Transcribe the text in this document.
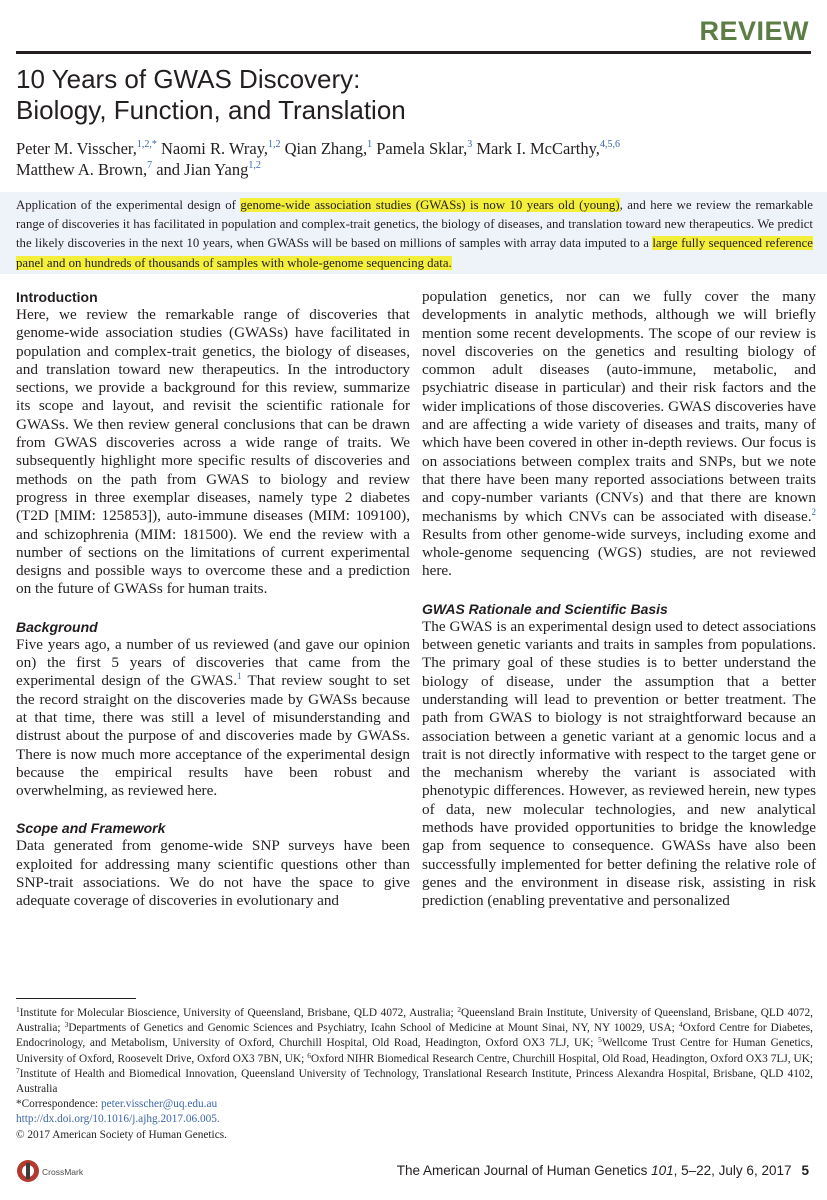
REVIEW
10 Years of GWAS Discovery:
Biology, Function, and Translation
Peter M. Visscher,$^{1,2,*}$ Naomi R. Wray,$^{1,2}$ Qian Zhang,$^1$ Pamela Sklar,$^3$ Mark I. McCarthy,$^{4,5,6}$
Matthew A. Brown,$^7$ and Jian Yang$^{1,2}$
Application of the experimental design of genome-wide association studies (GWASs) is now 10 years old (young), and here we review the remarkable range of discoveries it has facilitated in population and complex-trait genetics, the biology of diseases, and translation toward new therapeutics. We predict the likely discoveries in the next 10 years, when GWASs will be based on millions of samples with array data imputed to a large fully sequenced reference panel and on hundreds of thousands of samples with whole-genome sequencing data.

Introduction

Here, we review the remarkable range of discoveries that genome-wide association studies (GWASs) have facilitated in population and complex-trait genetics, the biology of diseases, and translation toward new therapeutics. In the introductory sections, we provide a background for this review, summarize its scope and layout, and revisit the scientific rationale for GWASs. We then review general conclusions that can be drawn from GWAS discoveries across a wide range of traits. We subsequently highlight more specific results of discoveries and methods on the path from GWAS to biology and review progress in three exemplar diseases, namely type 2 diabetes (T2D [MIM: 125853]), auto-immune diseases (MIM: 109100), and schizophrenia (MIM: 181500). We end the review with a number of sections on the limitations of current experimental designs and possible ways to overcome these and a prediction on the future of GWASs for human traits.

Background

Five years ago, a number of us reviewed (and gave our opinion on) the first 5 years of discoveries that came from the experimental design of the GWAS.$^1$ That review sought to set the record straight on the discoveries made by GWASs because at that time, there was still a level of misunderstanding and distrust about the purpose of and discoveries made by GWASs. There is now much more acceptance of the experimental design because the empirical results have been robust and overwhelming, as reviewed here.

Scope and Framework

Data generated from genome-wide SNP surveys have been exploited for addressing many scientific questions other than SNP-trait associations. We do not have the space to give adequate coverage of discoveries in evolutionary and

population genetics, nor can we fully cover the many developments in analytic methods, although we will briefly mention some recent developments. The scope of our review is novel discoveries on the genetics and resulting biology of common adult diseases (auto-immune, metabolic, and psychiatric disease in particular) and their risk factors and the wider implications of those discoveries. GWAS discoveries have and are affecting a wide variety of diseases and traits, many of which have been covered in other in-depth reviews. Our focus is on associations between complex traits and SNPs, but we note that there have been many reported associations between traits and copy-number variants (CNVs) and that there are known mechanisms by which CNVs can be associated with disease.$^2$ Results from other genome-wide surveys, including exome and whole-genome sequencing (WGS) studies, are not reviewed here.

GWAS Rationale and Scientific Basis

The GWAS is an experimental design used to detect associations between genetic variants and traits in samples from populations. The primary goal of these studies is to better understand the biology of disease, under the assumption that a better understanding will lead to prevention or better treatment. The path from GWAS to biology is not straightforward because an association between a genetic variant at a genomic locus and a trait is not directly informative with respect to the target gene or the mechanism whereby the variant is associated with phenotypic differences. However, as reviewed herein, new types of data, new molecular technologies, and new analytical methods have provided opportunities to bridge the knowledge gap from sequence to consequence. GWASs have also been successfully implemented for better defining the relative role of genes and the environment in disease risk, assisting in risk prediction (enabling preventative and personalized

$^1$Institute for Molecular Bioscience, University of Queensland, Brisbane, QLD 4072, Australia; $^2$Queensland Brain Institute, University of Queensland, Brisbane, QLD 4072, Australia; $^3$Departments of Genetics and Genomic Sciences and Psychiatry, Icahn School of Medicine at Mount Sinai, NY, NY 10029, USA; $^4$Oxford Centre for Diabetes, Endocrinology, and Metabolism, University of Oxford, Churchill Hospital, Old Road, Headington, Oxford OX3 7LJ, UK; $^5$Wellcome Trust Centre for Human Genetics, University of Oxford, Roosevelt Drive, Oxford OX3 7BN, UK; $^6$Oxford NIHR Biomedical Research Centre, Churchill Hospital, Old Road, Headington, Oxford OX3 7LJ, UK; $^7$Institute of Health and Biomedical Innovation, Queensland University of Technology, Translational Research Institute, Princess Alexandra Hospital, Brisbane, QLD 4102, Australia
*Correspondence: peter.visscher@uq.edu.au
http://dx.doi.org/10.1016/j.ajhg.2017.06.005.
© 2017 American Society of Human Genetics.
CrossMark	The American Journal of Human Genetics 101, 5–22, July 6, 2017 5
